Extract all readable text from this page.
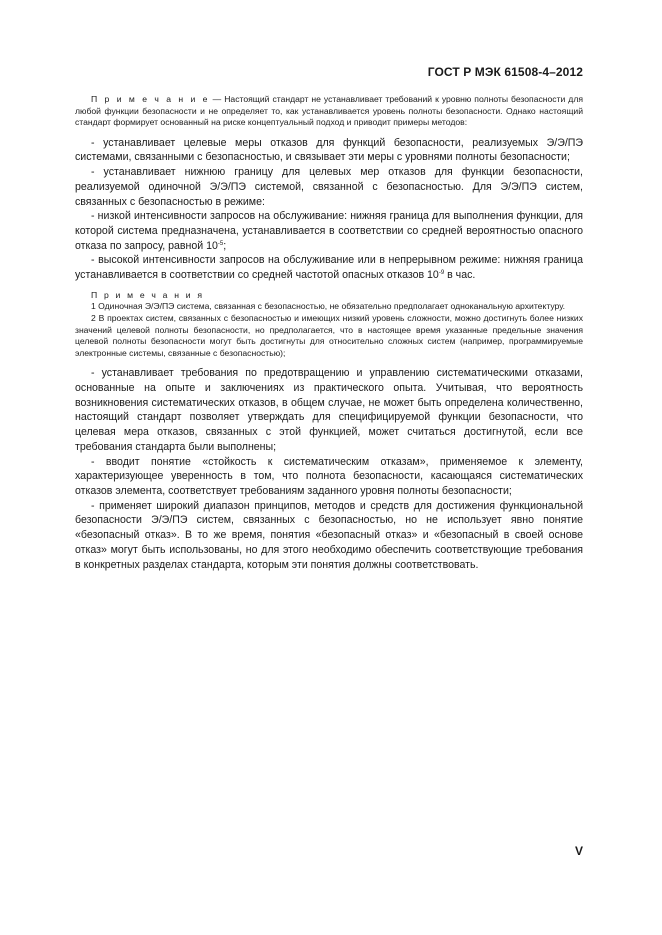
ГОСТ Р МЭК 61508-4–2012

П р и м е ч а н и е — Настоящий стандарт не устанавливает требований к уровню полноты безопасности для любой функции безопасности и не определяет то, как устанавливается уровень полноты безопасности. Однако настоящий стандарт формирует основанный на риске концептуальный подход и приводит примеры методов:

- устанавливает целевые меры отказов для функций безопасности, реализуемых Э/Э/ПЭ системами, связанными с безопасностью, и связывает эти меры с уровнями полноты безопасности;

- устанавливает нижнюю границу для целевых мер отказов для функции безопасности, реализуемой одиночной Э/Э/ПЭ системой, связанной с безопасностью. Для Э/Э/ПЭ систем, связанных с безопасностью в режиме:

- низкой интенсивности запросов на обслуживание: нижняя граница для выполнения функции, для которой система предназначена, устанавливается в соответствии со средней вероятностью опасного отказа по запросу, равной $10^{-5}$;

- высокой интенсивности запросов на обслуживание или в непрерывном режиме: нижняя граница устанавливается в соответствии со средней частотой опасных отказов $10^{-9}$ в час.

П р и м е ч а н и я

1 Одиночная Э/Э/ПЭ система, связанная с безопасностью, не обязательно предполагает одноканальную архитектуру.

2 В проектах систем, связанных с безопасностью и имеющих низкий уровень сложности, можно достигнуть более низких значений целевой полноты безопасности, но предполагается, что в настоящее время указанные предельные значения целевой полноты безопасности могут быть достигнуты для относительно сложных систем (например, программируемые электронные системы, связанные с безопасностью);

- устанавливает требования по предотвращению и управлению систематическими отказами, основанные на опыте и заключениях из практического опыта. Учитывая, что вероятность возникновения систематических отказов, в общем случае, не может быть определена количественно, настоящий стандарт позволяет утверждать для специфицируемой функции безопасности, что целевая мера отказов, связанных с этой функцией, может считаться достигнутой, если все требования стандарта были выполнены;

- вводит понятие «стойкость к систематическим отказам», применяемое к элементу, характеризующее уверенность в том, что полнота безопасности, касающаяся систематических отказов элемента, соответствует требованиям заданного уровня полноты безопасности;

- применяет широкий диапазон принципов, методов и средств для достижения функциональной безопасности Э/Э/ПЭ систем, связанных с безопасностью, но не использует явно понятие «безопасный отказ». В то же время, понятия «безопасный отказ» и «безопасный в своей основе отказ» могут быть использованы, но для этого необходимо обеспечить соответствующие требования в конкретных разделах стандарта, которым эти понятия должны соответствовать.

V
